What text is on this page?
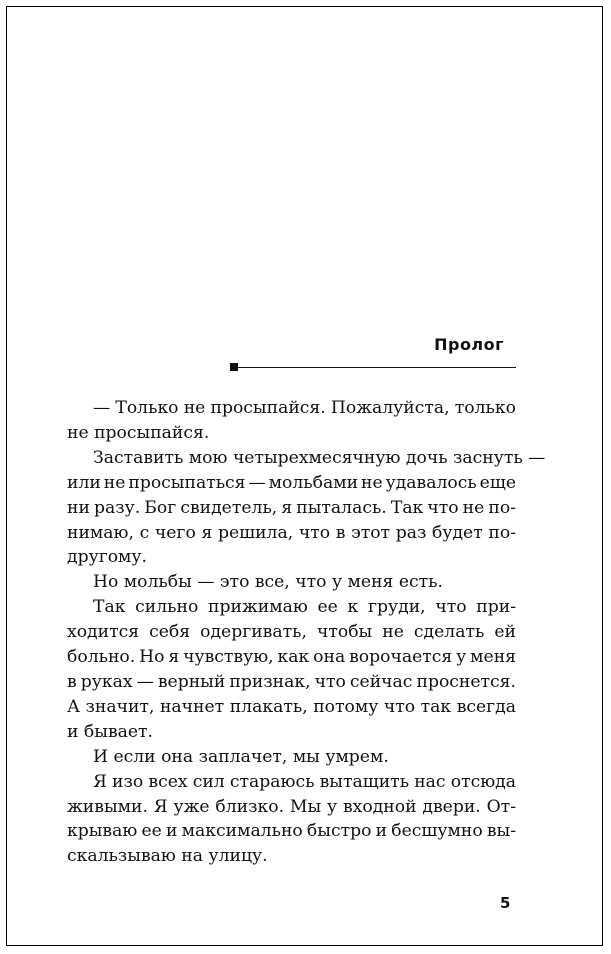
Пролог
— Только не просыпайся. Пожалуйста, только
не просыпайся.
Заставить мою четырехмесячную дочь заснуть —
или не просыпаться — мольбами не удавалось еще
ни разу. Бог свидетель, я пыталась. Так что не по-
нимаю, с чего я решила, что в этот раз будет по-
другому.
Но мольбы — это все, что у меня есть.
Так сильно прижимаю ее к груди, что при-
ходится себя одергивать, чтобы не сделать ей
больно. Но я чувствую, как она ворочается у меня
в руках — верный признак, что сейчас проснется.
А значит, начнет плакать, потому что так всегда
и бывает.
И если она заплачет, мы умрем.
Я изо всех сил стараюсь вытащить нас отсюда
живыми. Я уже близко. Мы у входной двери. От-
крываю ее и максимально быстро и бесшумно вы-
скальзываю на улицу.
5
